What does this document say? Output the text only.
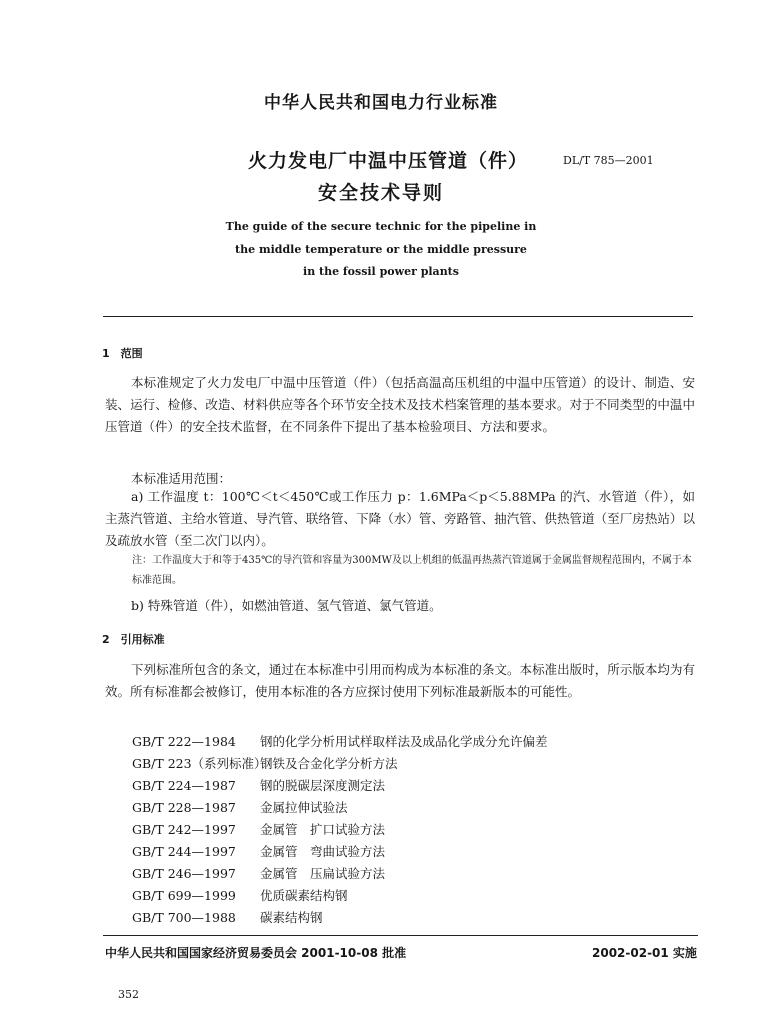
中华人民共和国电力行业标准
火力发电厂中温中压管道（件）	DL/T 785—2001
安全技术导则
The guide of the secure technic for the pipeline in
the middle temperature or the middle pressure
in the fossil power plants
1　范围

本标准规定了火力发电厂中温中压管道（件）（包括高温高压机组的中温中压管道）的设计、制造、安装、运行、检修、改造、材料供应等各个环节安全技术及技术档案管理的基本要求。对于不同类型的中温中压管道（件）的安全技术监督，在不同条件下提出了基本检验项目、方法和要求。

本标准适用范围：

a) 工作温度 t：100℃＜t＜450℃或工作压力 p：1.6MPa＜p＜5.88MPa 的汽、水管道（件），如主蒸汽管道、主给水管道、导汽管、联络管、下降（水）管、旁路管、抽汽管、供热管道（至厂房热站）以及疏放水管（至二次门以内）。

注：工作温度大于和等于435℃的导汽管和容量为300MW及以上机组的低温再热蒸汽管道属于金属监督规程范围内，不属于本标准范围。
b) 特殊管道（件），如燃油管道、氢气管道、氯气管道。
2　引用标准

下列标准所包含的条文，通过在本标准中引用而构成为本标准的条文。本标准出版时，所示版本均为有效。所有标准都会被修订，使用本标准的各方应探讨使用下列标准最新版本的可能性。

GB/T 222—1984 钢的化学分析用试样取样法及成品化学成分允许偏差
GB/T 223（系列标准）钢铁及合金化学分析方法
GB/T 224—1987 钢的脱碳层深度测定法
GB/T 228—1987 金属拉伸试验法
GB/T 242—1997 金属管　扩口试验方法
GB/T 244—1997 金属管　弯曲试验方法
GB/T 246—1997 金属管　压扁试验方法
GB/T 699—1999 优质碳素结构钢
GB/T 700—1988 碳素结构钢
中华人民共和国国家经济贸易委员会 2001-10-08 批准	2002-02-01 实施
352
